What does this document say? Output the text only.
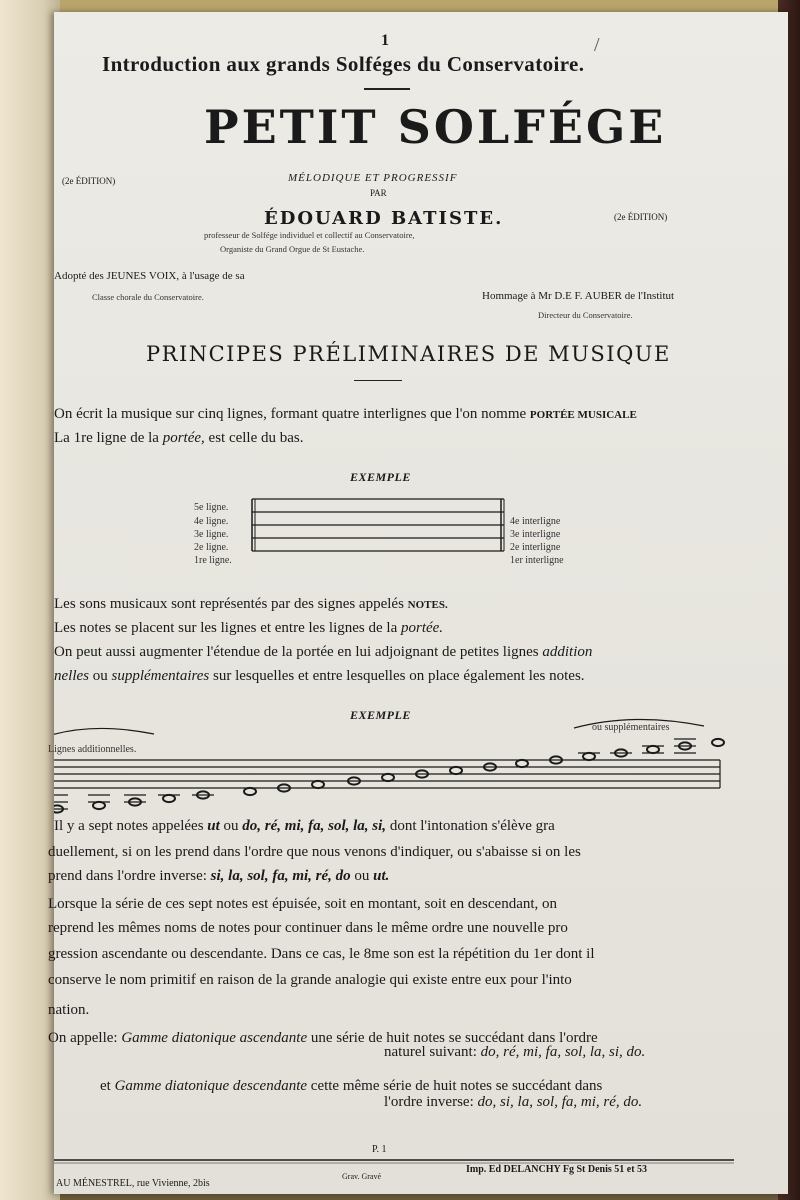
1	/
Introduction aux grands Solféges du Conservatoire.
PETIT SOLFÉGE
MÉLODIQUE ET PROGRESSIF
PAR
ÉDOUARD BATISTE.
(2e ÉDITION)
(2e ÉDITION)
professeur de Solfége individuel et collectif au Conservatoire,
Organiste du Grand Orgue de St Eustache.
Adopté des JEUNES VOIX, à l'usage de sa
Classe chorale du Conservatoire.	Hommage à Mr D.E F. AUBER de l'Institut
Directeur du Conservatoire.
PRINCIPES PRÉLIMINAIRES DE MUSIQUE
On écrit la musique sur cinq lignes, formant quatre interlignes que l'on nomme PORTÉE MUSICALE
La 1re ligne de la portée, est celle du bas.
EXEMPLE
5e ligne.
4e ligne.
3e ligne.
2e ligne.
1re ligne.
4e interligne
3e interligne
2e interligne
1er interligne
Les sons musicaux sont représentés par des signes appelés NOTES.
Les notes se placent sur les lignes et entre les lignes de la portée.
On peut aussi augmenter l'étendue de la portée en lui adjoignant de petites lignes addition
nelles ou supplémentaires sur lesquelles et entre lesquelles on place également les notes.
EXEMPLE
Lignes additionnelles.
ou supplémentaires
Il y a sept notes appelées ut ou do, ré, mi, fa, sol, la, si, dont l'intonation s'élève gra
duellement, si on les prend dans l'ordre que nous venons d'indiquer, ou s'abaisse si on les
prend dans l'ordre inverse: si, la, sol, fa, mi, ré, do ou ut.
Lorsque la série de ces sept notes est épuisée, soit en montant, soit en descendant, on
reprend les mêmes noms de notes pour continuer dans le même ordre une nouvelle pro
gression ascendante ou descendante. Dans ce cas, le 8me son est la répétition du 1er dont il
conserve le nom primitif en raison de la grande analogie qui existe entre eux pour l'into
nation.
On appelle: Gamme diatonique ascendante une série de huit notes se succédant dans l'ordre
naturel suivant: do, ré, mi, fa, sol, la, si, do.
et Gamme diatonique descendante cette même série de huit notes se succédant dans
l'ordre inverse: do, si, la, sol, fa, mi, ré, do.
P. 1
AU MÉNESTREL, rue Vivienne, 2bis
Grav. Gravé
Imp. Ed DELANCHY Fg St Denis 51 et 53
